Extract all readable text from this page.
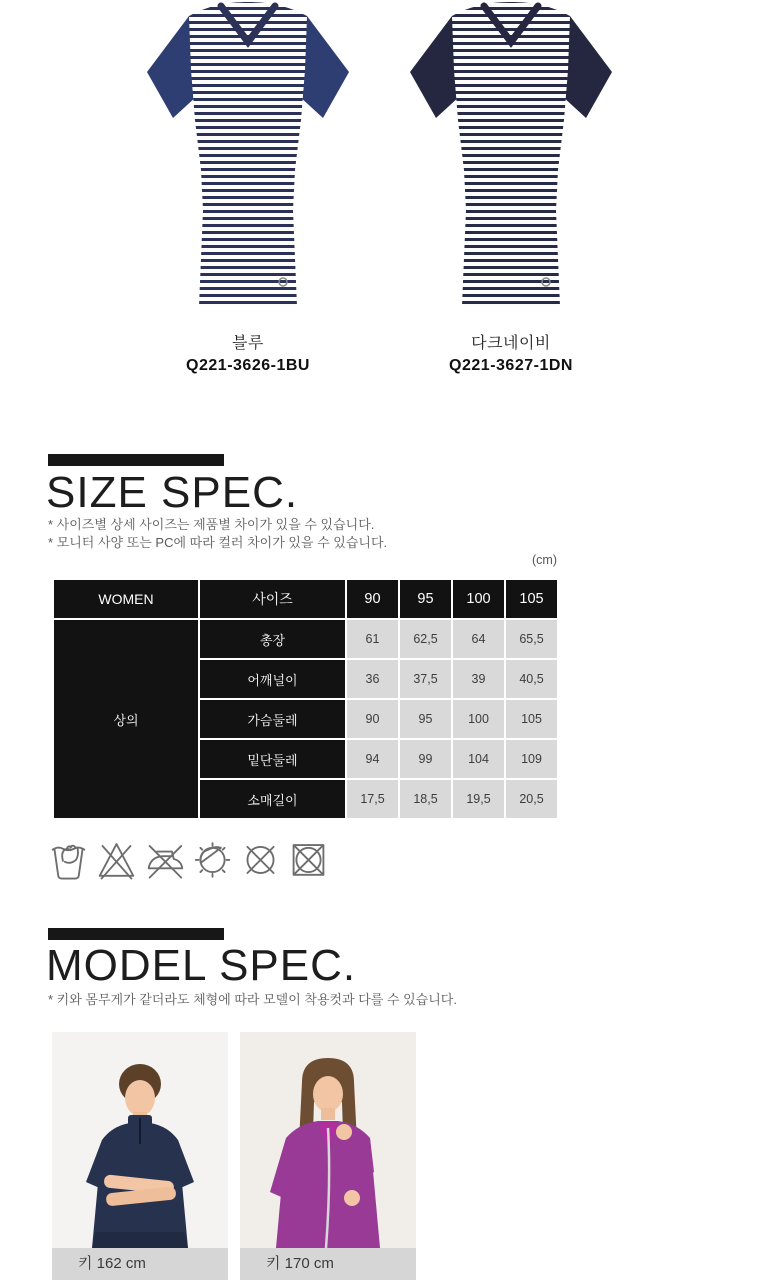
블루
Q221-3626-1BU
다크네이비
Q221-3627-1DN
SIZE SPEC.
* 사이즈별 상세 사이즈는 제품별 차이가 있을 수 있습니다.
* 모니터 사양 또는 PC에 따라 컬러 차이가 있을 수 있습니다.
(cm)
WOMEN	사이즈	90	95	100	105
상의	총장	61	62,5	64	65,5
	어깨널이	36	37,5	39	40,5
	가슴둘레	90	95	100	105
	밑단둘레	94	99	104	109
	소매길이	17,5	18,5	19,5	20,5
MODEL SPEC.
* 키와 몸무게가 같더라도 체형에 따라 모델이 착용컷과 다를 수 있습니다.
키 162 cm	키 170 cm
